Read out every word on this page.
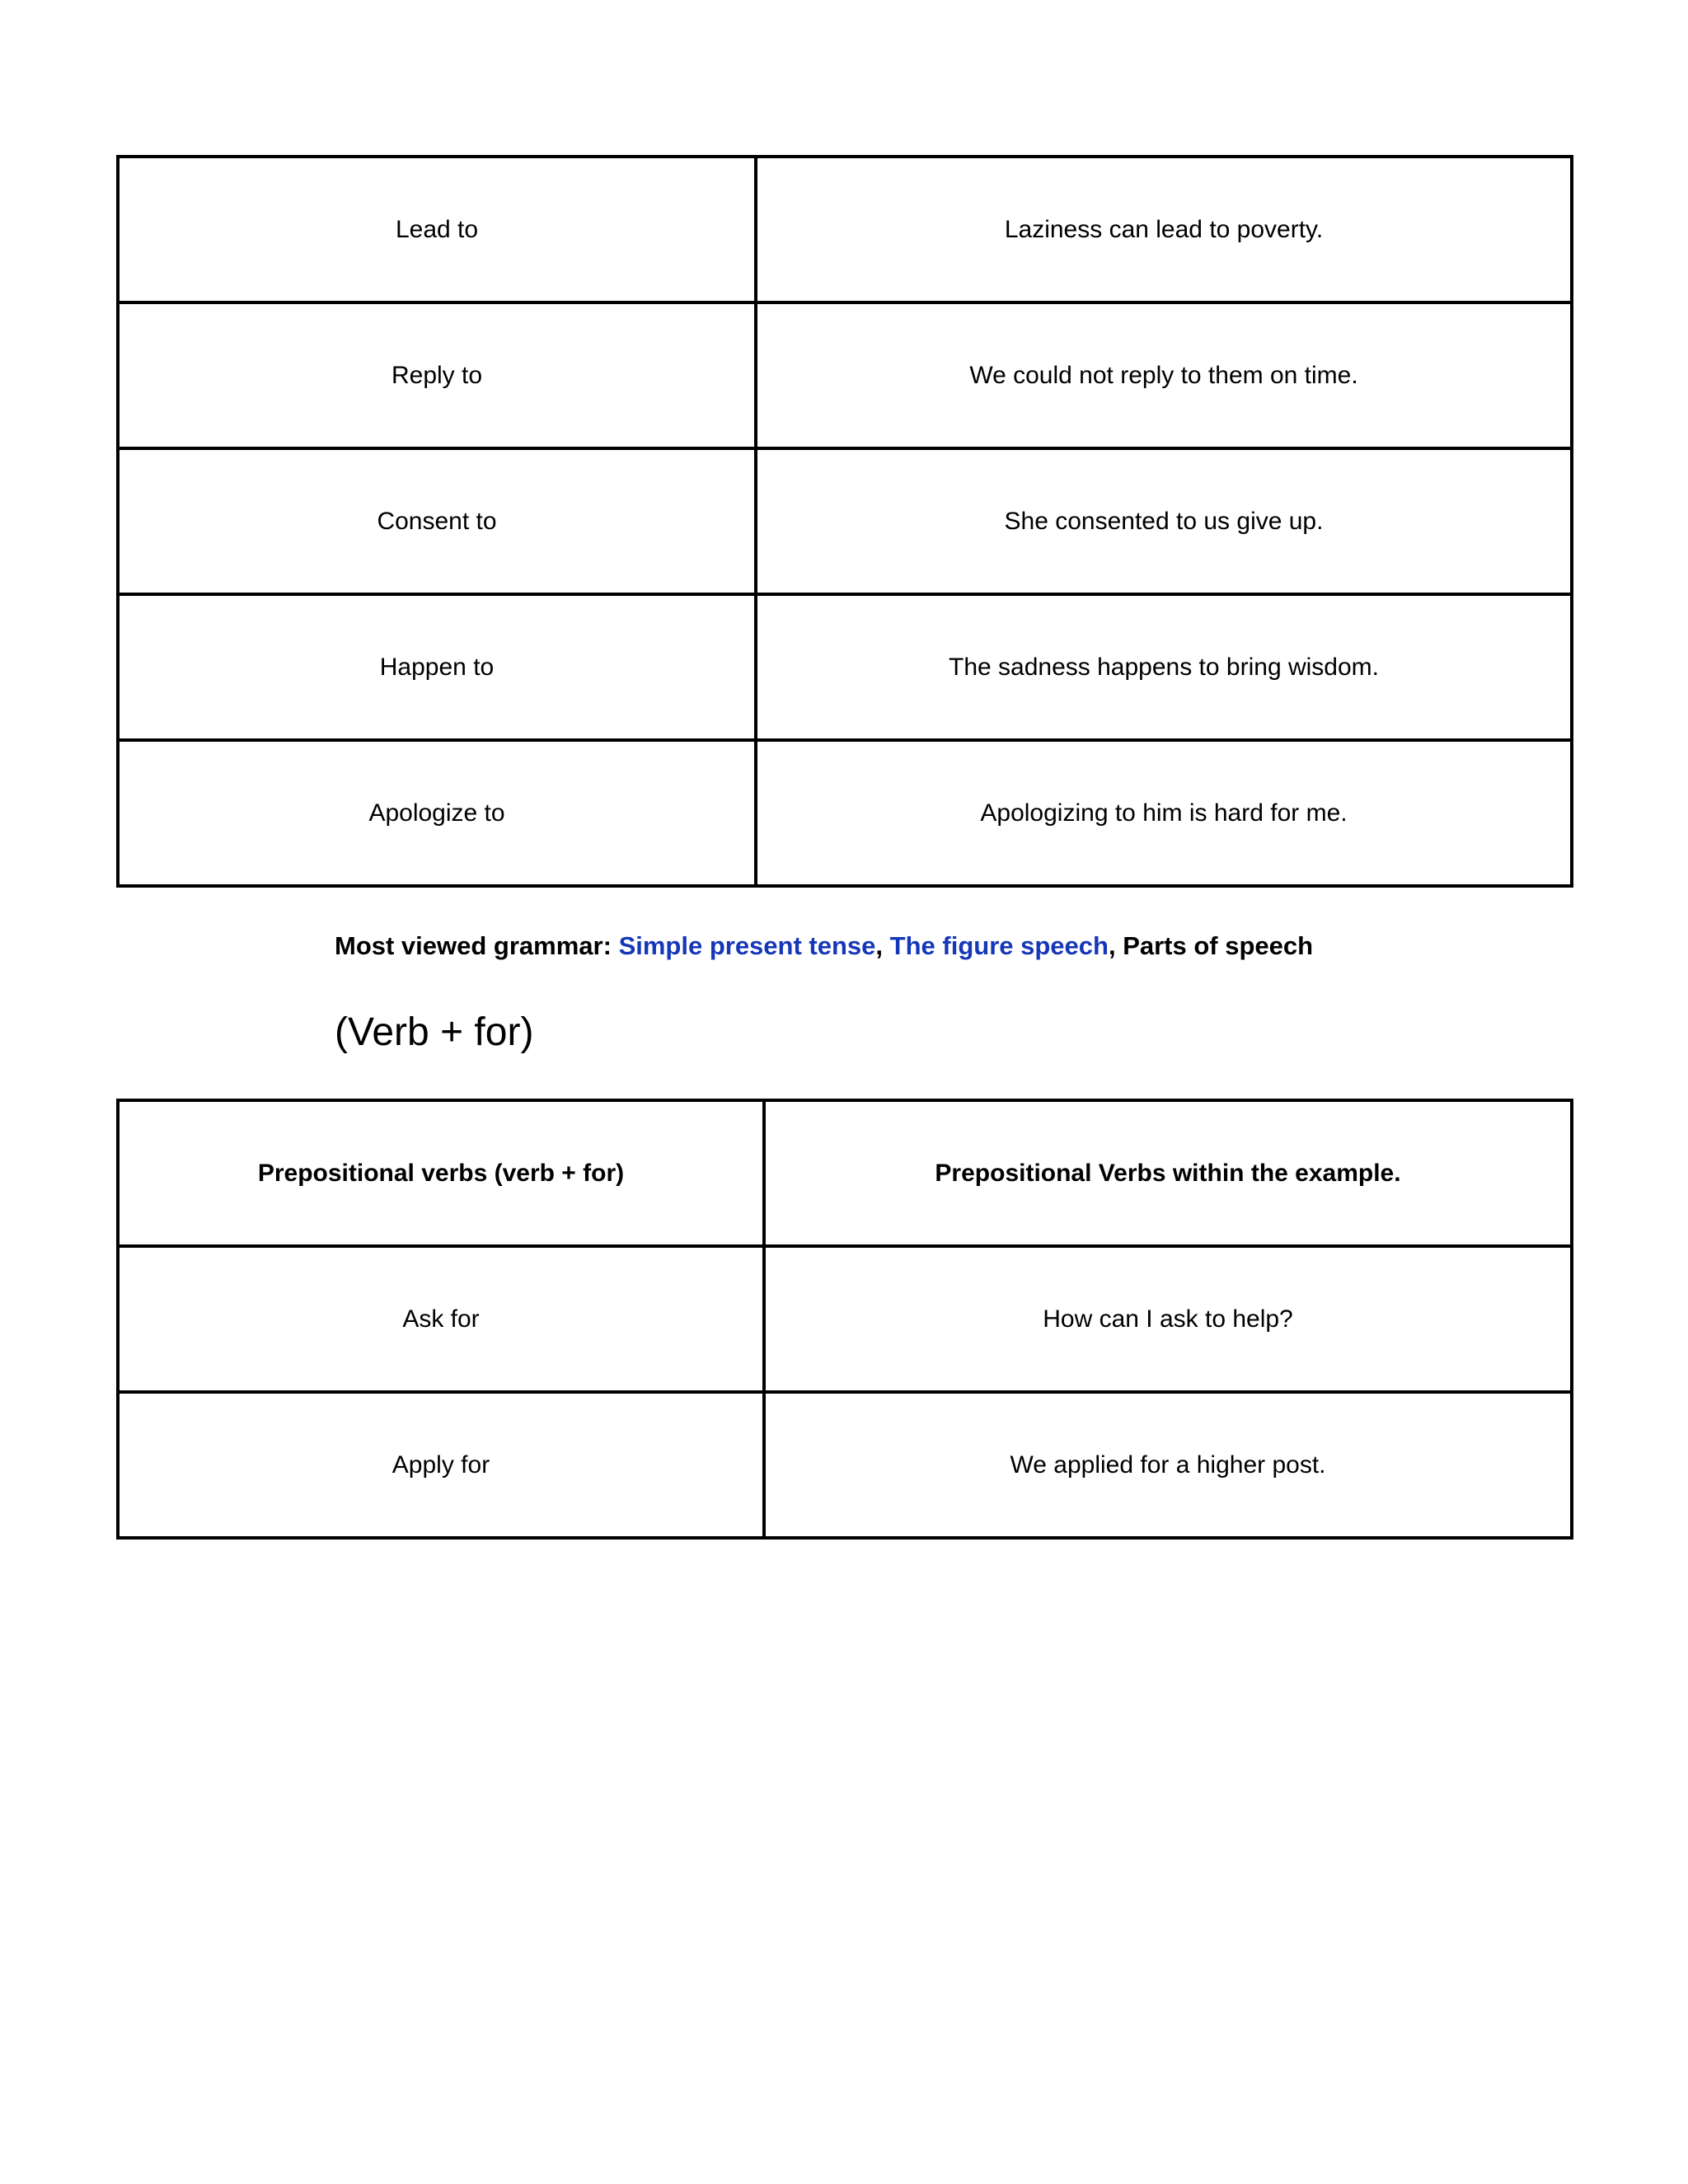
Lead to	Laziness can lead to poverty.
Reply to	We could not reply to them on time.
Consent to	She consented to us give up.
Happen to	The sadness happens to bring wisdom.
Apologize to	Apologizing to him is hard for me.
Most viewed grammar: Simple present tense, The figure speech, Parts of speech
(Verb + for)
Prepositional verbs (verb + for)	Prepositional Verbs within the example.
Ask for	How can I ask to help?
Apply for	We applied for a higher post.
